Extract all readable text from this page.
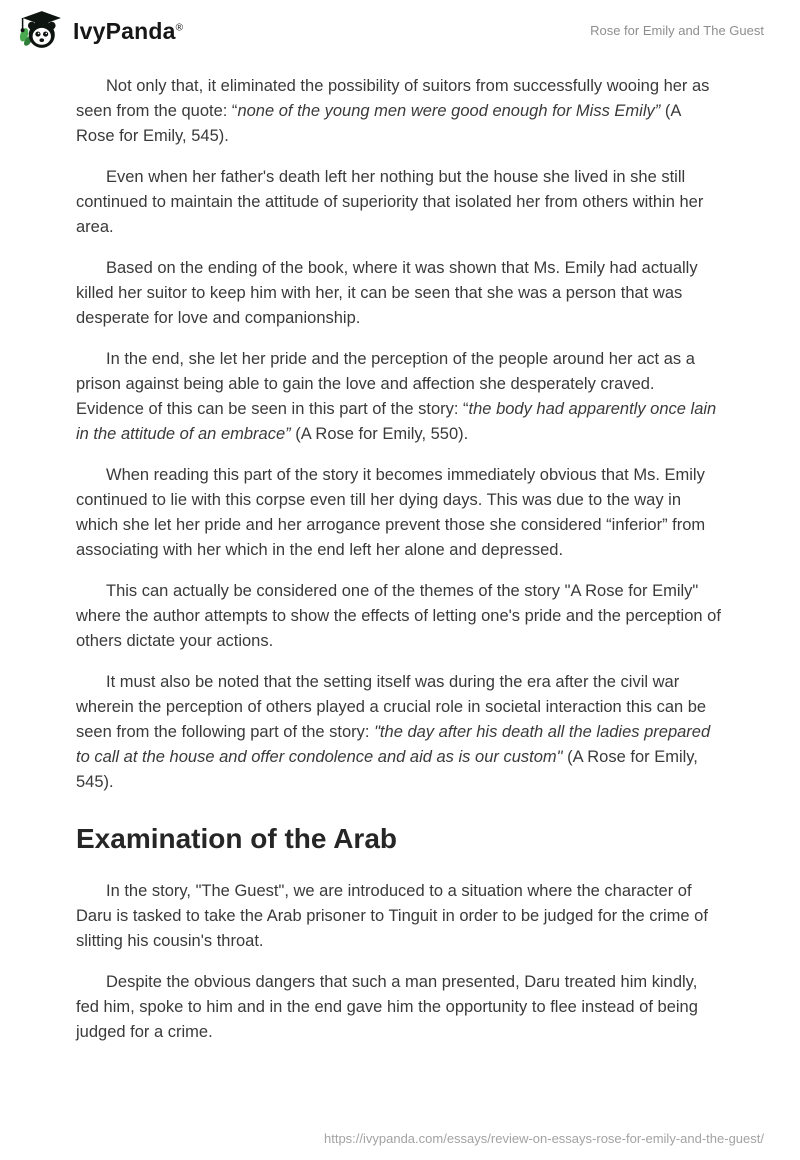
IvyPanda®	Rose for Emily and The Guest

Not only that, it eliminated the possibility of suitors from successfully wooing her as seen from the quote: “none of the young men were good enough for Miss Emily” (A Rose for Emily, 545).

Even when her father's death left her nothing but the house she lived in she still continued to maintain the attitude of superiority that isolated her from others within her area.

Based on the ending of the book, where it was shown that Ms. Emily had actually killed her suitor to keep him with her, it can be seen that she was a person that was desperate for love and companionship.

In the end, she let her pride and the perception of the people around her act as a prison against being able to gain the love and affection she desperately craved. Evidence of this can be seen in this part of the story: “the body had apparently once lain in the attitude of an embrace” (A Rose for Emily, 550).

When reading this part of the story it becomes immediately obvious that Ms. Emily continued to lie with this corpse even till her dying days. This was due to the way in which she let her pride and her arrogance prevent those she considered “inferior” from associating with her which in the end left her alone and depressed.

This can actually be considered one of the themes of the story "A Rose for Emily" where the author attempts to show the effects of letting one's pride and the perception of others dictate your actions.

It must also be noted that the setting itself was during the era after the civil war wherein the perception of others played a crucial role in societal interaction this can be seen from the following part of the story: "the day after his death all the ladies prepared to call at the house and offer condolence and aid as is our custom" (A Rose for Emily, 545).

Examination of the Arab

In the story, "The Guest", we are introduced to a situation where the character of Daru is tasked to take the Arab prisoner to Tinguit in order to be judged for the crime of slitting his cousin's throat.

Despite the obvious dangers that such a man presented, Daru treated him kindly, fed him, spoke to him and in the end gave him the opportunity to flee instead of being judged for a crime.

https://ivypanda.com/essays/review-on-essays-rose-for-emily-and-the-guest/
